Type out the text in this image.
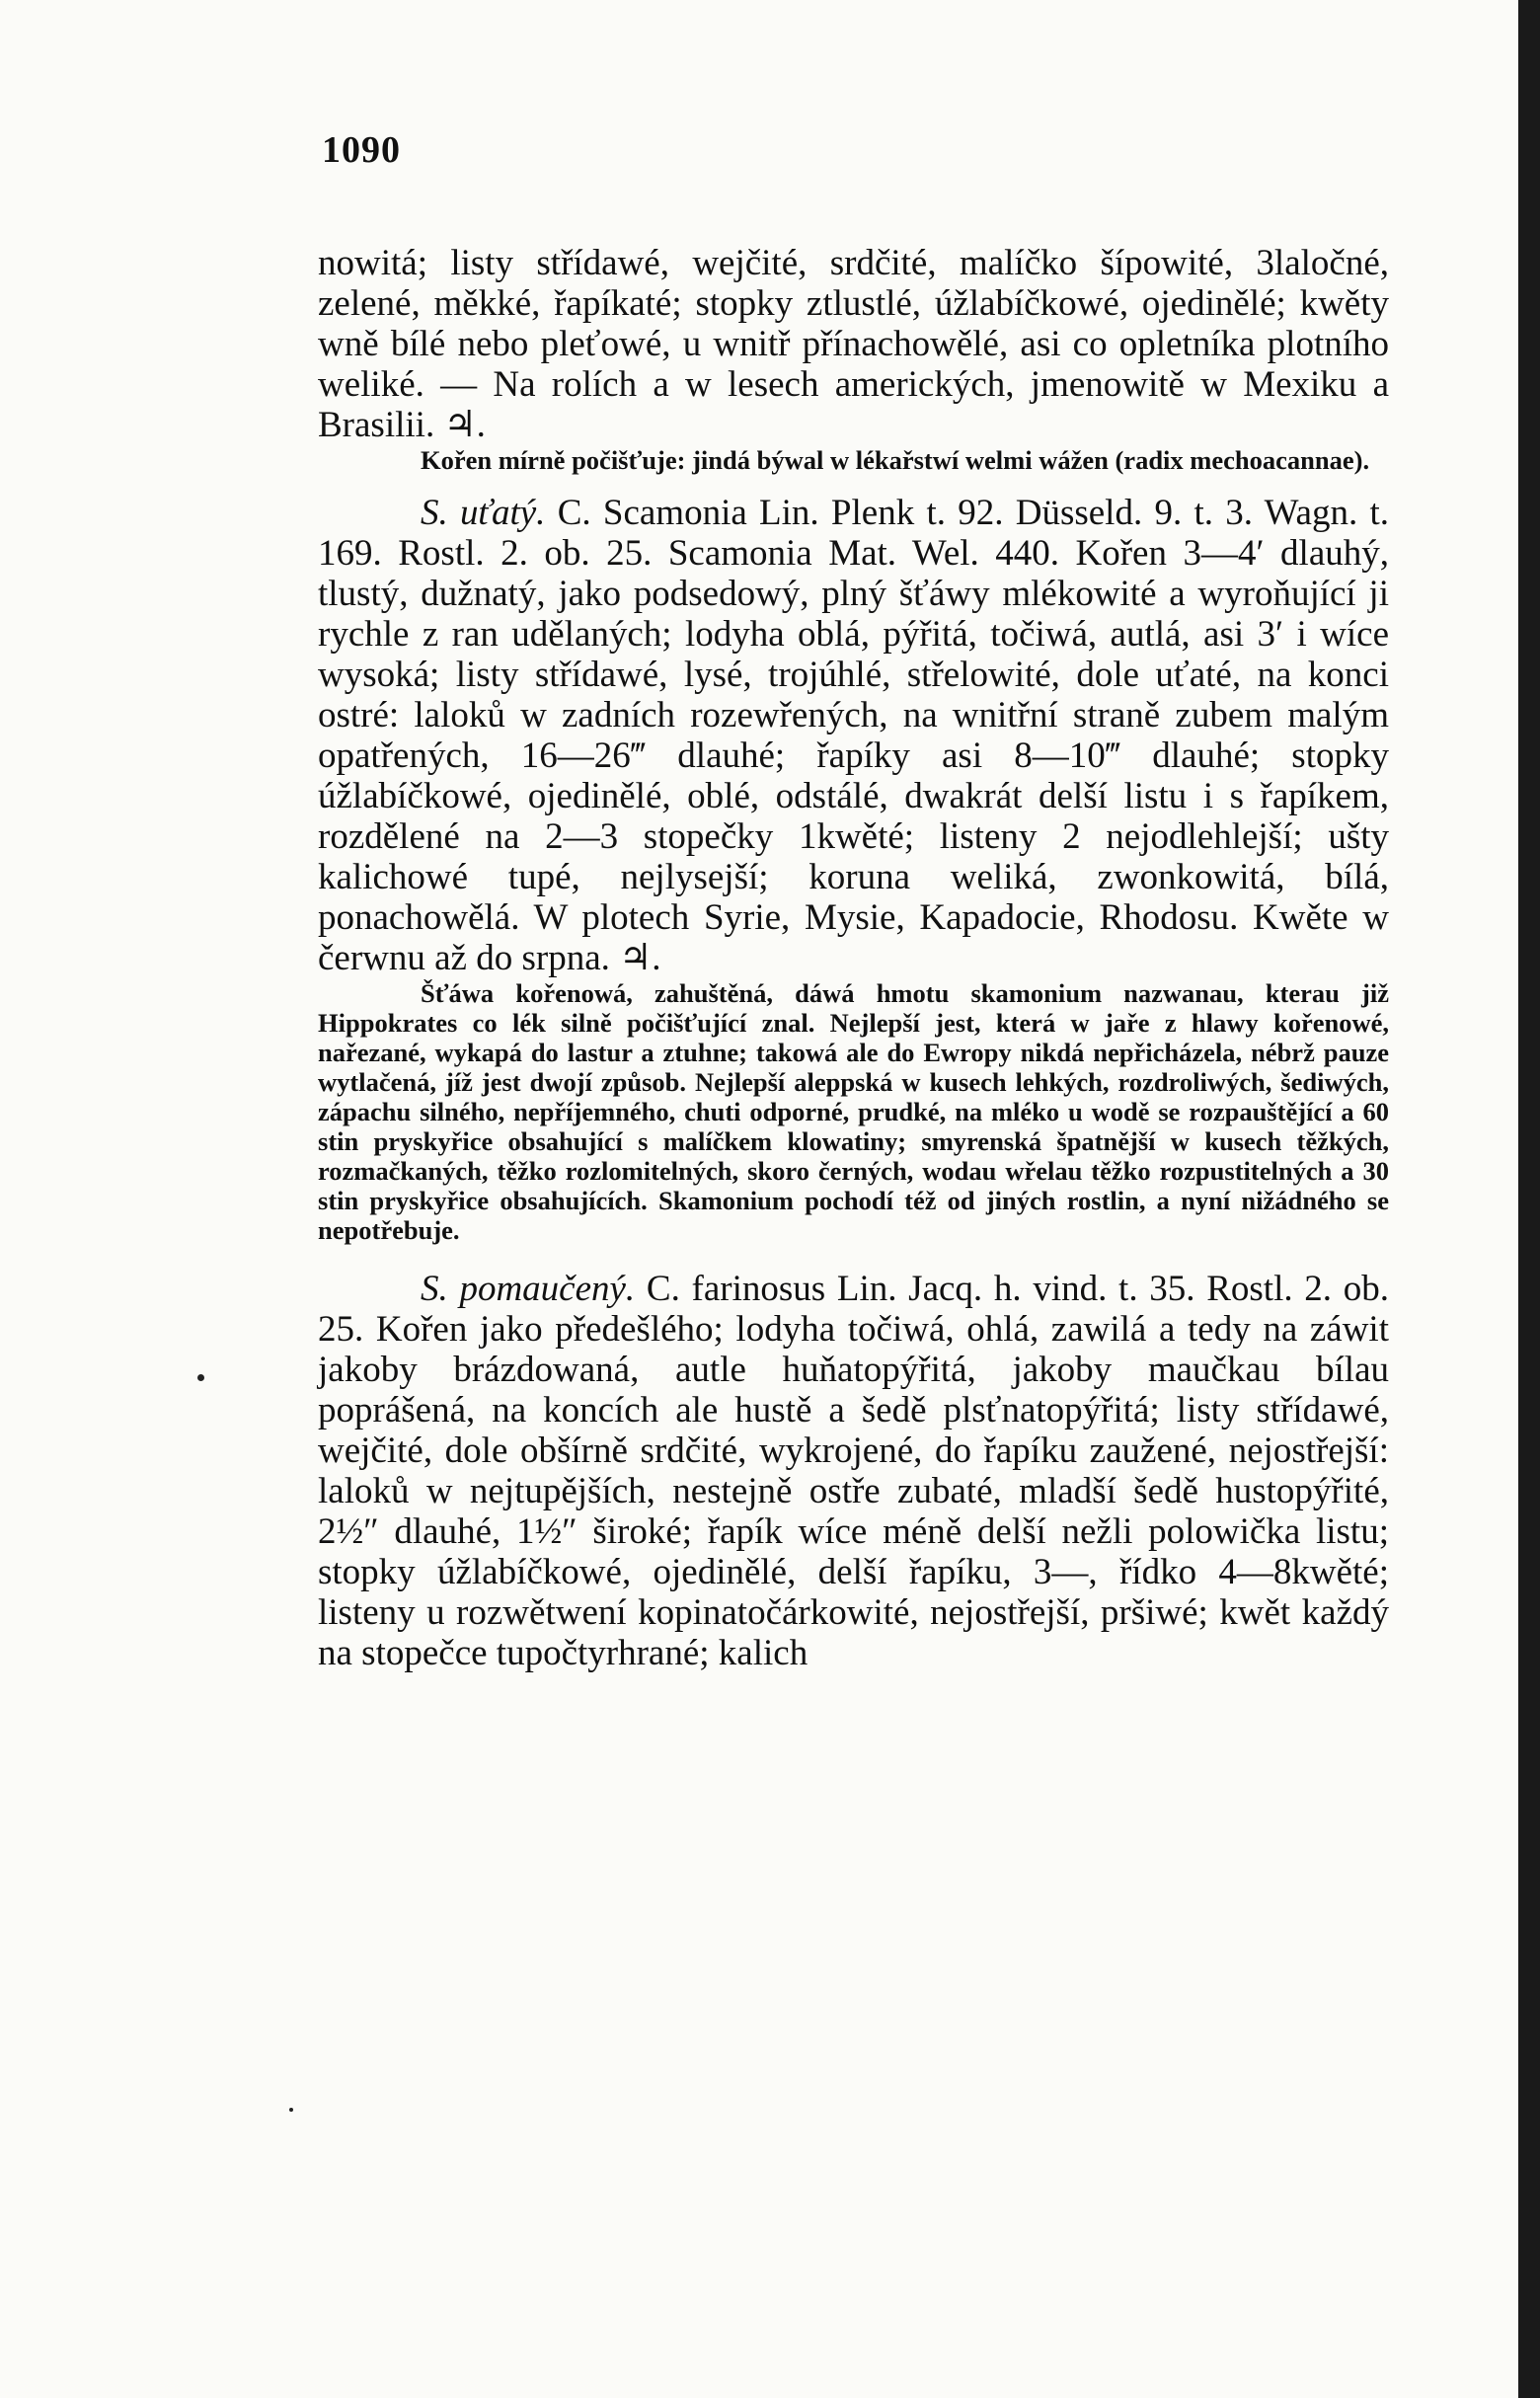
1090

nowitá; listy střídawé, wejčité, srdčité, malíčko šípowité, 3laločné, zelené, měkké, řapíkaté; stopky ztlustlé, úžlabíčkowé, ojedinělé; kwěty wně bílé nebo pleťowé, u wnitř přínachowělé, asi co opletníka plotního weliké. — Na rolích a w lesech amerických, jmenowitě w Mexiku a Brasilii. ♃.

Kořen mírně počišťuje: jindá býwal w lékařstwí welmi wážen (radix mechoacannae).

S. uťatý. C. Scamonia Lin. Plenk t. 92. Düsseld. 9. t. 3. Wagn. t. 169. Rostl. 2. ob. 25. Scamonia Mat. Wel. 440. Kořen 3—4′ dlauhý, tlustý, dužnatý, jako podsedowý, plný šťáwy mlékowité a wyroňující ji rychle z ran udělaných; lodyha oblá, pýřitá, točiwá, autlá, asi 3′ i wíce wysoká; listy střídawé, lysé, trojúhlé, střelowité, dole uťaté, na konci ostré: laloků w zadních rozewřených, na wnitřní straně zubem malým opatřených, 16—26‴ dlauhé; řapíky asi 8—10‴ dlauhé; stopky úžlabíčkowé, ojedinělé, oblé, odstálé, dwakrát delší listu i s řapíkem, rozdělené na 2—3 stopečky 1kwěté; listeny 2 nejodlehlejší; ušty kalichowé tupé, nejlysejší; koruna weliká, zwonkowitá, bílá, ponachowělá. W plotech Syrie, Mysie, Kapadocie, Rhodosu. Kwěte w čerwnu až do srpna. ♃.

Šťáwa kořenowá, zahuštěná, dáwá hmotu skamonium nazwanau, kterau již Hippokrates co lék silně počišťující znal. Nejlepší jest, která w jaře z hlawy kořenowé, nařezané, wykapá do lastur a ztuhne; takowá ale do Ewropy nikdá nepřicházela, nébrž pauze wytlačená, jíž jest dwojí způsob. Nejlepší aleppská w kusech lehkých, rozdroliwých, šediwých, zápachu silného, nepříjemného, chuti odporné, prudké, na mléko u wodě se rozpauštějící a 60 stin pryskyřice obsahující s malíčkem klowatiny; smyrenská špatnější w kusech těžkých, rozmačkaných, těžko rozlomitelných, skoro černých, wodau wřelau těžko rozpustitelných a 30 stin pryskyřice obsahujících. Skamonium pochodí též od jiných rostlin, a nyní nižádného se nepotřebuje.

S. pomaučený. C. farinosus Lin. Jacq. h. vind. t. 35. Rostl. 2. ob. 25. Kořen jako předešlého; lodyha točiwá, ohlá, zawilá a tedy na záwit jakoby brázdowaná, autle huňatopýřitá, jakoby maučkau bílau poprášená, na koncích ale hustě a šedě plsťnatopýřitá; listy střídawé, wejčité, dole obšírně srdčité, wykrojené, do řapíku zaužené, nejostřejší: laloků w nejtupějších, nestejně ostře zubaté, mladší šedě hustopýřité, 2½″ dlauhé, 1½″ široké; řapík wíce méně delší nežli polowička listu; stopky úžlabíčkowé, ojedinělé, delší řapíku, 3—, řídko 4—8kwěté; listeny u rozwětwení kopinatočárkowité, nejostřejší, pršiwé; kwět každý na stopečce tupočtyrhrané; kalich
